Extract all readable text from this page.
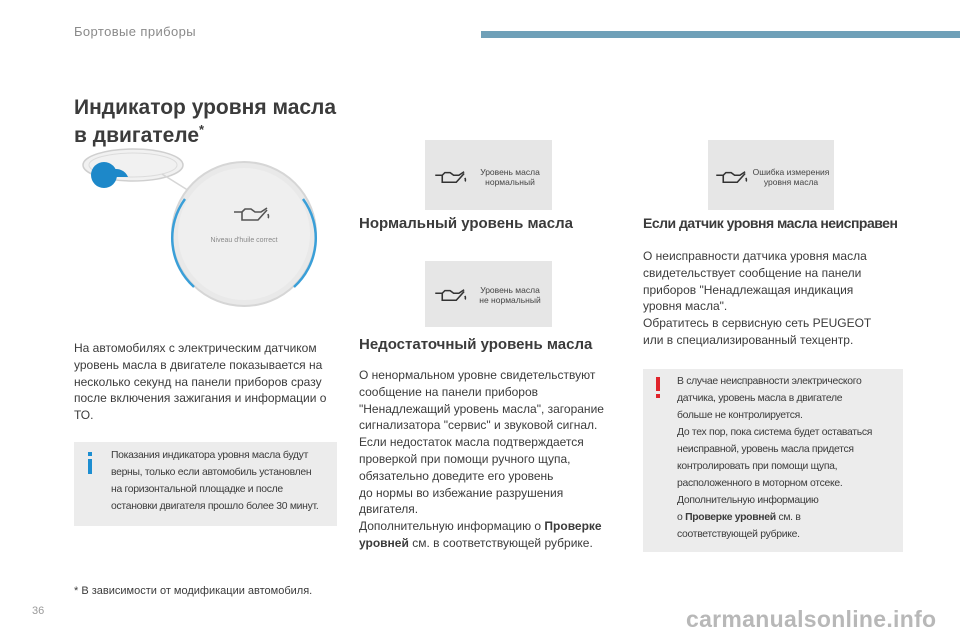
Бортовые приборы
Индикатор уровня масла
в двигателе*
Niveau d'huile correct
На автомобилях с электрическим датчиком уровень масла в двигателе показывается на несколько секунд на панели приборов сразу после включения зажигания и информации о ТО.
Показания индикатора уровня масла будут
верны, только если автомобиль установлен
на горизонтальной площадке и после
остановки двигателя прошло более 30 минут.
* В зависимости от модификации автомобиля.
Уровень масла
нормальный
Нормальный уровень масла
Уровень масла
не нормальный
Недостаточный уровень масла
О ненормальном уровне свидетельствуют
сообщение на панели приборов
"Ненадлежащий уровень масла", загорание
сигнализатора "сервис" и звуковой сигнал.
Если недостаток масла подтверждается
проверкой при помощи ручного щупа,
обязательно доведите его уровень
до нормы во избежание разрушения
двигателя.
Дополнительную информацию о Проверке
уровней см. в соответствующей рубрике.
Ошибка измерения
уровня масла
Если датчик уровня масла неисправен
О неисправности датчика уровня масла
свидетельствует сообщение на панели
приборов "Ненадлежащая индикация
уровня масла".
Обратитесь в сервисную сеть PEUGEOT
или в специализированный техцентр.
В случае неисправности электрического
датчика, уровень масла в двигателе
больше не контролируется.
До тех пор, пока система будет оставаться
неисправной, уровень масла придется
контролировать при помощи щупа,
расположенного в моторном отсеке.
Дополнительную информацию
о Проверке уровней см. в
соответствующей рубрике.
36	carmanualsonline.info
